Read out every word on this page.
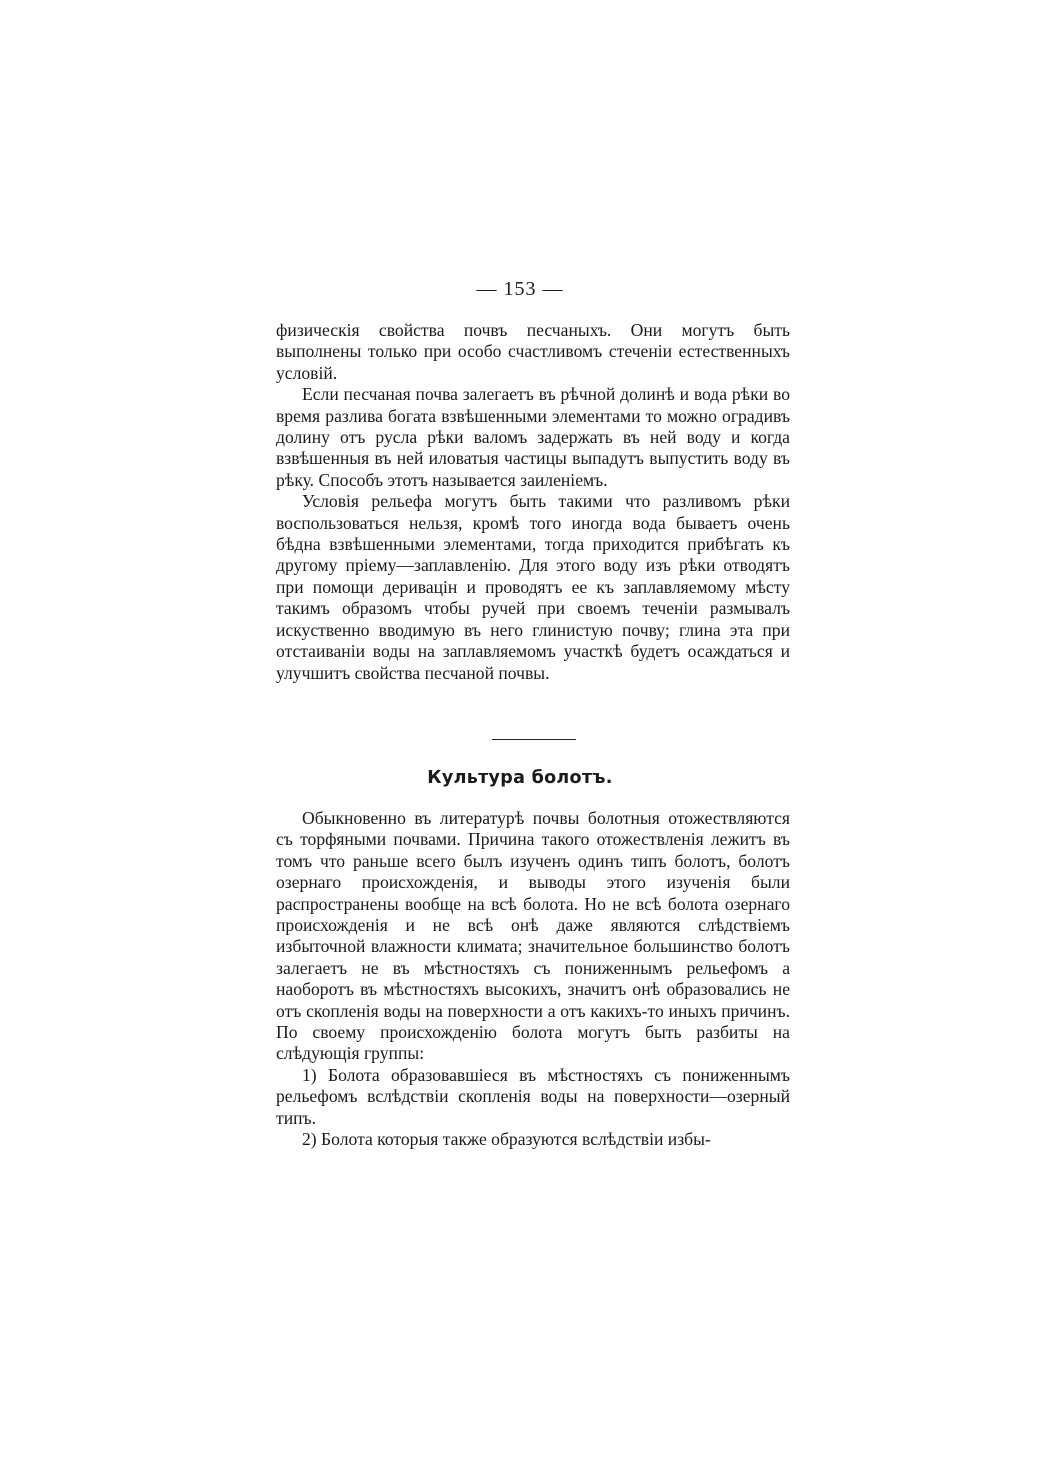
— 153 —

физическія свойства почвъ песчаныхъ. Они могутъ быть выполнены только при особо счастливомъ стеченіи естественныхъ условій.

Если песчаная почва залегаетъ въ рѣчной долинѣ и вода рѣки во время разлива богата взвѣшенными элементами то можно оградивъ долину отъ русла рѣки валомъ задержать въ ней воду и когда взвѣшенныя въ ней иловатыя частицы выпадутъ выпустить воду въ рѣку. Способъ этотъ называется заиленіемъ.

Условія рельефа могутъ быть такими что разливомъ рѣки воспользоваться нельзя, кромѣ того иногда вода бываетъ очень бѣдна взвѣшенными элементами, тогда приходится прибѣгать къ другому пріему—заплавленію. Для этого воду изъ рѣки отводятъ при помощи деривацін и проводятъ ее къ заплавляемому мѣсту такимъ образомъ чтобы ручей при своемъ теченіи размывалъ искуственно вводимую въ него глинистую почву; глина эта при отстаиваніи воды на заплавляемомъ участкѣ будетъ осаждаться и улучшитъ свойства песчаной почвы.

Культура болотъ.

Обыкновенно въ литературѣ почвы болотныя отожествляются съ торфяными почвами. Причина такого отожествленія лежитъ въ томъ что раньше всего былъ изученъ одинъ типъ болотъ, болотъ озернаго происхожденія, и выводы этого изученія были распространены вообще на всѣ болота. Но не всѣ болота озернаго происхожденія и не всѣ онѣ даже являются слѣдствіемъ избыточной влажности климата; значительное большинство болотъ залегаетъ не въ мѣстностяхъ съ пониженнымъ рельефомъ а наоборотъ въ мѣстностяхъ высокихъ, значитъ онѣ образовались не отъ скопленія воды на поверхности а отъ какихъ-то иныхъ причинъ. По своему происхожденію болота могутъ быть разбиты на слѣдующія группы:

1) Болота образовавшіеся въ мѣстностяхъ съ пониженнымъ рельефомъ вслѣдствіи скопленія воды на поверхности—озерный типъ.

2) Болота которыя также образуются вслѣдствіи избы-
